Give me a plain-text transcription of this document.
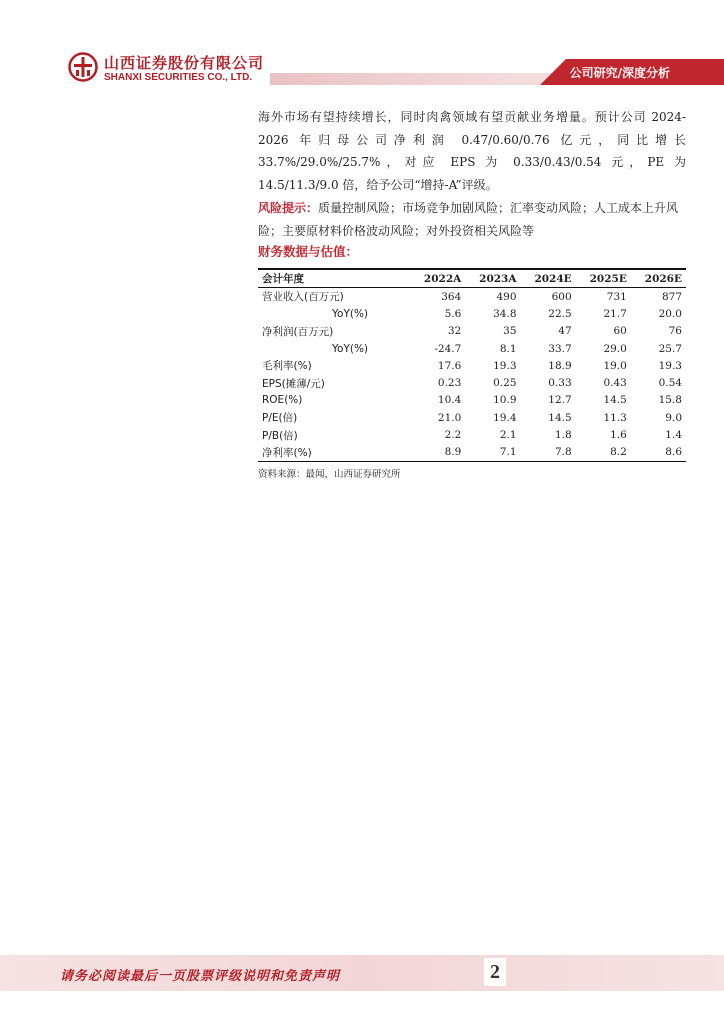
山西证券股份有限公司
SHANXI SECURITIES CO., LTD.	公司研究/深度分析

海外市场有望持续增长，同时肉禽领域有望贡献业务增量。预计公司 2024-2026 年归母公司净利润 0.47/0.60/0.76 亿元，同比增长 33.7%/29.0%/25.7%，对应 EPS 为 0.33/0.43/0.54 元，PE 为 14.5/11.3/9.0 倍，给予公司“增持-A”评级。

风险提示：质量控制风险；市场竞争加剧风险；汇率变动风险；人工成本上升风险；主要原材料价格波动风险；对外投资相关风险等

财务数据与估值：
会计年度	2022A	2023A	2024E	2025E	2026E
营业收入(百万元)	364	490	600	731	877
YoY(%)	5.6	34.8	22.5	21.7	20.0
净利润(百万元)	32	35	47	60	76
YoY(%)	-24.7	8.1	33.7	29.0	25.7
毛利率(%)	17.6	19.3	18.9	19.0	19.3
EPS(摊薄/元)	0.23	0.25	0.33	0.43	0.54
ROE(%)	10.4	10.9	12.7	14.5	15.8
P/E(倍)	21.0	19.4	14.5	11.3	9.0
P/B(倍)	2.2	2.1	1.8	1.6	1.4
净利率(%)	8.9	7.1	7.8	8.2	8.6
资料来源：最闻，山西证券研究所
请务必阅读最后一页股票评级说明和免责声明	2
